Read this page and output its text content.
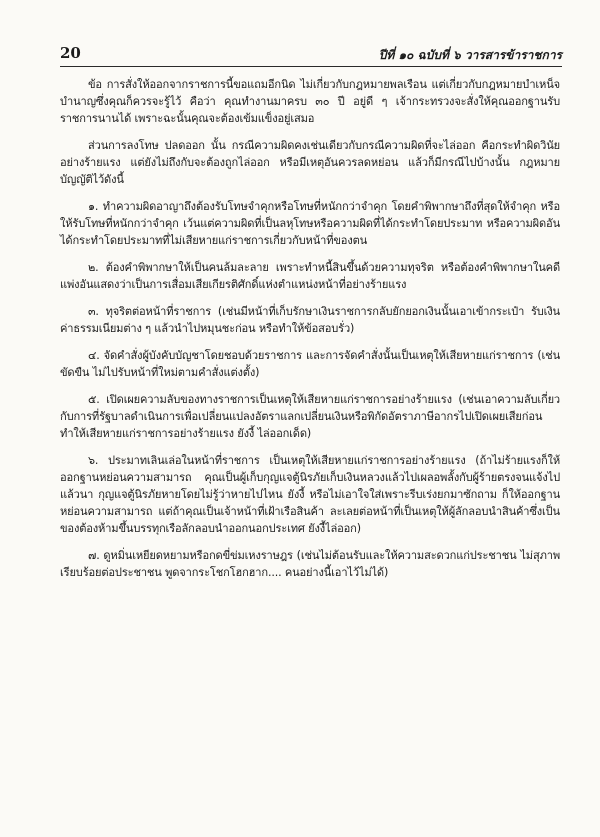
20	ปีที่ ๑๐ ฉบับที่ ๖ วารสารข้าราชการ

ข้อ การสั่งให้ออกจากราชการนี้ขอแถมอีกนิด ไม่เกี่ยวกับกฎหมายพลเรือน แต่เกี่ยวกับกฎหมายบำเหน็จบำนาญซึ่งคุณก็ควรจะรู้ไว้ คือว่า คุณทำงานมาครบ ๓๐ ปี อยู่ดี ๆ เจ้ากระทรวงจะสั่งให้คุณออกฐานรับราชการนานได้ เพราะฉะนั้นคุณจะต้องเข้มแข็งอยู่เสมอ

ส่วนการลงโทษ ปลดออก นั้น กรณีความผิดคงเช่นเดียวกับกรณีความผิดที่จะไล่ออก คือกระทำผิดวินัยอย่างร้ายแรง แต่ยังไม่ถึงกับจะต้องถูกไล่ออก หรือมีเหตุอันควรลดหย่อน แล้วก็มีกรณีไปบ้างนั้น กฎหมายบัญญัติไว้ดังนี้

๑. ทำความผิดอาญาถึงต้องรับโทษจำคุกหรือโทษที่หนักกว่าจำคุก โดยคำพิพากษาถึงที่สุดให้จำคุก หรือให้รับโทษที่หนักกว่าจำคุก เว้นแต่ความผิดที่เป็นลหุโทษหรือความผิดที่ได้กระทำโดยประมาท หรือความผิดอันได้กระทำโดยประมาทที่ไม่เสียหายแก่ราชการเกี่ยวกับหน้าที่ของตน

๒. ต้องคำพิพากษาให้เป็นคนล้มละลาย เพราะทำหนี้สินขึ้นด้วยความทุจริต หรือต้องคำพิพากษาในคดีแพ่งอันแสดงว่าเป็นการเสื่อมเสียเกียรติศักดิ์แห่งตำแหน่งหน้าที่อย่างร้ายแรง

๓. ทุจริตต่อหน้าที่ราชการ (เช่นมีหน้าที่เก็บรักษาเงินราชการกลับยักยอกเงินนั้นเอาเข้ากระเป๋า รับเงินค่าธรรมเนียมต่าง ๆ แล้วนำไปหมุนชะก่อน หรือทำให้ข้อสอบรั่ว)

๔. จัดคำสั่งผู้บังคับบัญชาโดยชอบด้วยราชการ และการจัดคำสั่งนั้นเป็นเหตุให้เสียหายแก่ราชการ (เช่น ขัดขืน ไม่ไปรับหน้าที่ใหม่ตามคำสั่งแต่งตั้ง)

๕. เปิดเผยความลับของทางราชการเป็นเหตุให้เสียหายแก่ราชการอย่างร้ายแรง (เช่นเอาความลับเกี่ยวกับการที่รัฐบาลดำเนินการเพื่อเปลี่ยนแปลงอัตราแลกเปลี่ยนเงินหรือพิกัดอัตราภาษีอากรไปเปิดเผยเสียก่อน ทำให้เสียหายแก่ราชการอย่างร้ายแรง ยังงี้ ไล่ออกเด็ด)

๖. ประมาทเลินเล่อในหน้าที่ราชการ เป็นเหตุให้เสียหายแก่ราชการอย่างร้ายแรง (ถ้าไม่ร้ายแรงก็ให้ออกฐานหย่อนความสามารถ คุณเป็นผู้เก็บกุญแจตู้นิรภัยเก็บเงินหลวงแล้วไปเผลอพลั้งกับผู้ร้ายตรงจนแจ้งไปแล้วนา กุญแจตู้นิรภัยหายโดยไม่รู้ว่าหายไปไหน ยังงี้ หรือไม่เอาใจใส่เพราะรีบเร่งยกมาซักถาม ก็ให้ออกฐานหย่อนความสามารถ แต่ถ้าคุณเป็นเจ้าหน้าที่เฝ้าเรือสินค้า ละเลยต่อหน้าที่เป็นเหตุให้ผู้ลักลอบนำสินค้าซึ่งเป็นของต้องห้ามขึ้นบรรทุกเรือลักลอบนำออกนอกประเทศ ยังงี้ไล่ออก)

๗. ดูหมิ่นเหยียดหยามหรือกดขี่ข่มเหงราษฎร (เช่นไม่ต้อนรับและให้ความสะดวกแก่ประชาชน ไม่สุภาพเรียบร้อยต่อประชาชน พูดจากระโชกโฮกฮาก.... คนอย่างนี้เอาไว้ไม่ได้)
